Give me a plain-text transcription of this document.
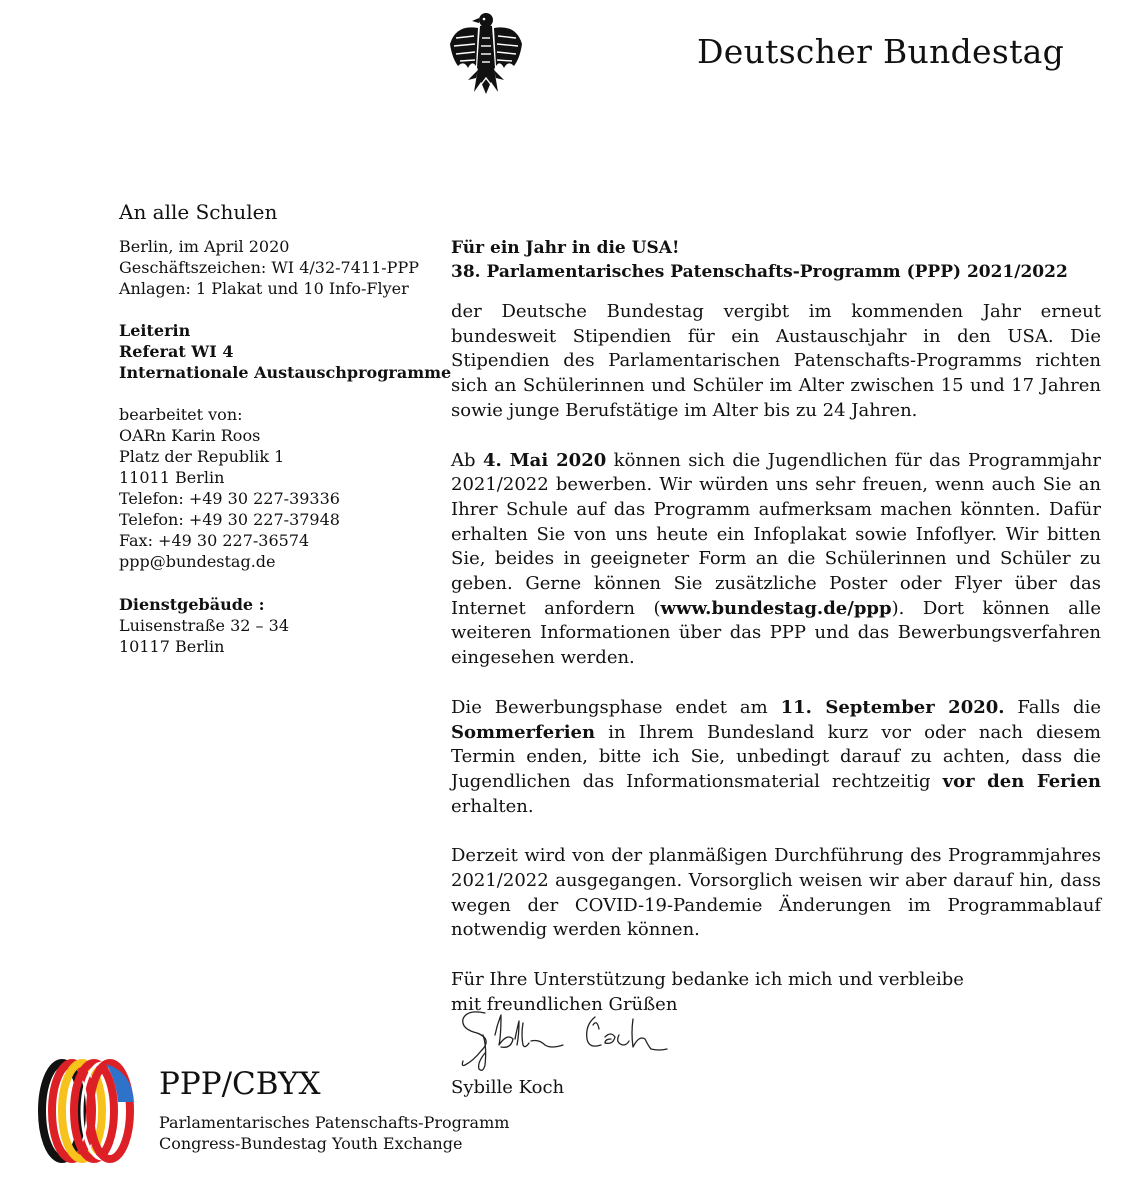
Deutscher Bundestag
An alle Schulen
Berlin, im April 2020
Geschäftszeichen: WI 4/32-7411-PPP
Anlagen: 1 Plakat und 10 Info-Flyer
Leiterin
Referat WI 4
Internationale Austauschprogramme
bearbeitet von:
OARn Karin Roos
Platz der Republik 1
11011 Berlin
Telefon: +49 30 227-39336
Telefon: +49 30 227-37948
Fax: +49 30 227-36574
ppp@bundestag.de
Dienstgebäude :
Luisenstraße 32 – 34
10117 Berlin
Für ein Jahr in die USA!
38. Parlamentarisches Patenschafts-Programm (PPP) 2021/2022

der Deutsche Bundestag vergibt im kommenden Jahr erneut bundesweit Stipendien für ein Austauschjahr in den USA. Die Stipendien des Parlamentarischen Patenschafts-Programms richten sich an Schülerinnen und Schüler im Alter zwischen 15 und 17 Jahren sowie junge Berufstätige im Alter bis zu 24 Jahren.

Ab 4. Mai 2020 können sich die Jugendlichen für das Programmjahr 2021/2022 bewerben. Wir würden uns sehr freuen, wenn auch Sie an Ihrer Schule auf das Programm aufmerksam machen könnten. Dafür erhalten Sie von uns heute ein Infoplakat sowie Infoflyer. Wir bitten Sie, beides in geeigneter Form an die Schülerinnen und Schüler zu geben. Gerne können Sie zusätzliche Poster oder Flyer über das Internet anfordern (www.bundestag.de/ppp). Dort können alle weiteren Informationen über das PPP und das Bewerbungsverfahren eingesehen werden.

Die Bewerbungsphase endet am 11. September 2020. Falls die Sommerferien in Ihrem Bundesland kurz vor oder nach diesem Termin enden, bitte ich Sie, unbedingt darauf zu achten, dass die Jugendlichen das Informationsmaterial rechtzeitig vor den Ferien erhalten.

Derzeit wird von der planmäßigen Durchführung des Programmjahres 2021/2022 ausgegangen. Vorsorglich weisen wir aber darauf hin, dass wegen der COVID-19-Pandemie Änderungen im Programmablauf notwendig werden können.

Für Ihre Unterstützung bedanke ich mich und verbleibe
mit freundlichen Grüßen

Sybille Koch
PPP/CBYX
Parlamentarisches Patenschafts-Programm
Congress-Bundestag Youth Exchange
